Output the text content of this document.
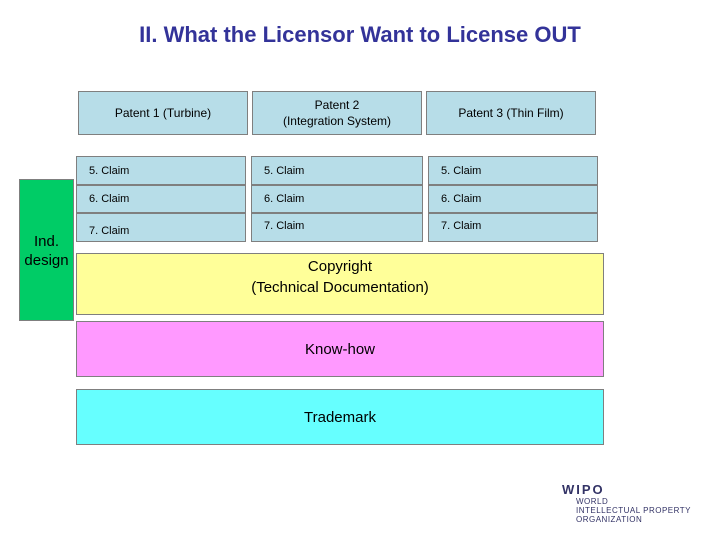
II. What the Licensor Want to License OUT
Patent 1 (Turbine)
Patent 2
(Integration System)
Patent 3 (Thin Film)
5. Claim
6. Claim
7. Claim
5. Claim
6. Claim
7. Claim
5. Claim
6. Claim
7. Claim
Ind.
design	Copyright
(Technical Documentation)
Know-how
Trademark
WIPO
WORLD
INTELLECTUAL PROPERTY
ORGANIZATION
